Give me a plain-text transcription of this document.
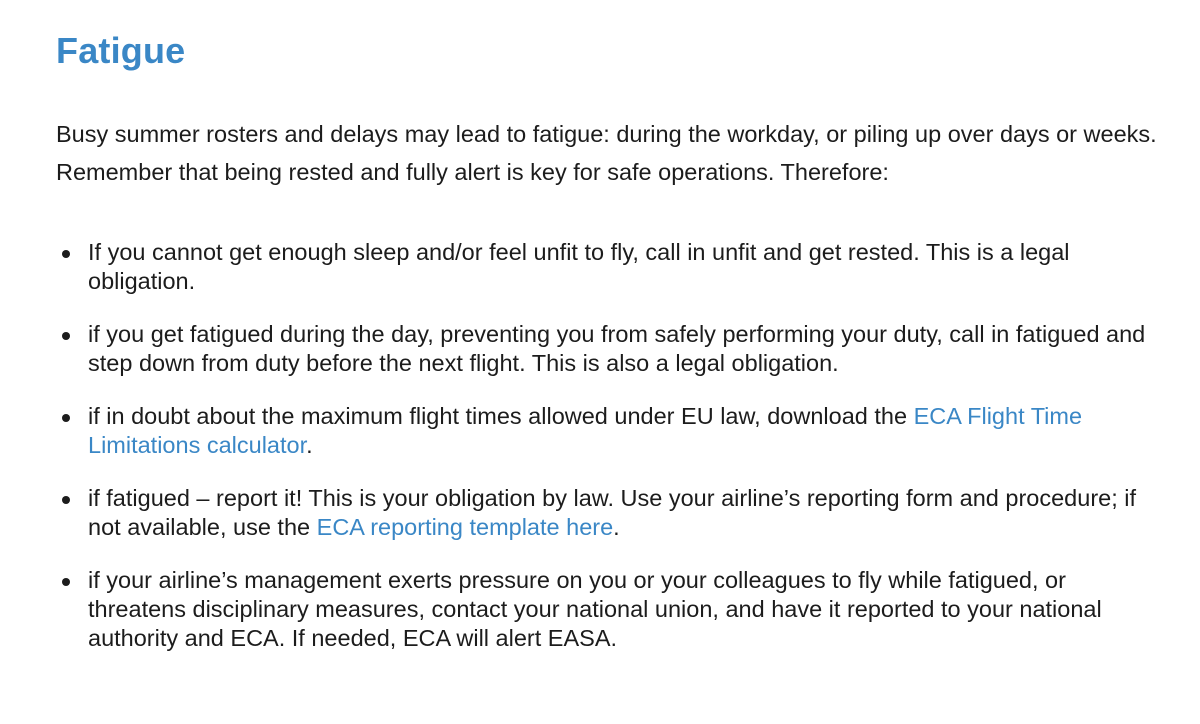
Fatigue

Busy summer rosters and delays may lead to fatigue: during the workday, or piling up over days or weeks. Remember that being rested and fully alert is key for safe operations. Therefore:

If you cannot get enough sleep and/or feel unfit to fly, call in unfit and get rested. This is a legal obligation.
if you get fatigued during the day, preventing you from safely performing your duty, call in fatigued and step down from duty before the next flight. This is also a legal obligation.
if in doubt about the maximum flight times allowed under EU law, download the ECA Flight Time Limitations calculator.
if fatigued – report it! This is your obligation by law. Use your airline’s reporting form and procedure; if not available, use the ECA reporting template here.
if your airline’s management exerts pressure on you or your colleagues to fly while fatigued, or threatens disciplinary measures, contact your national union, and have it reported to your national authority and ECA. If needed, ECA will alert EASA.
